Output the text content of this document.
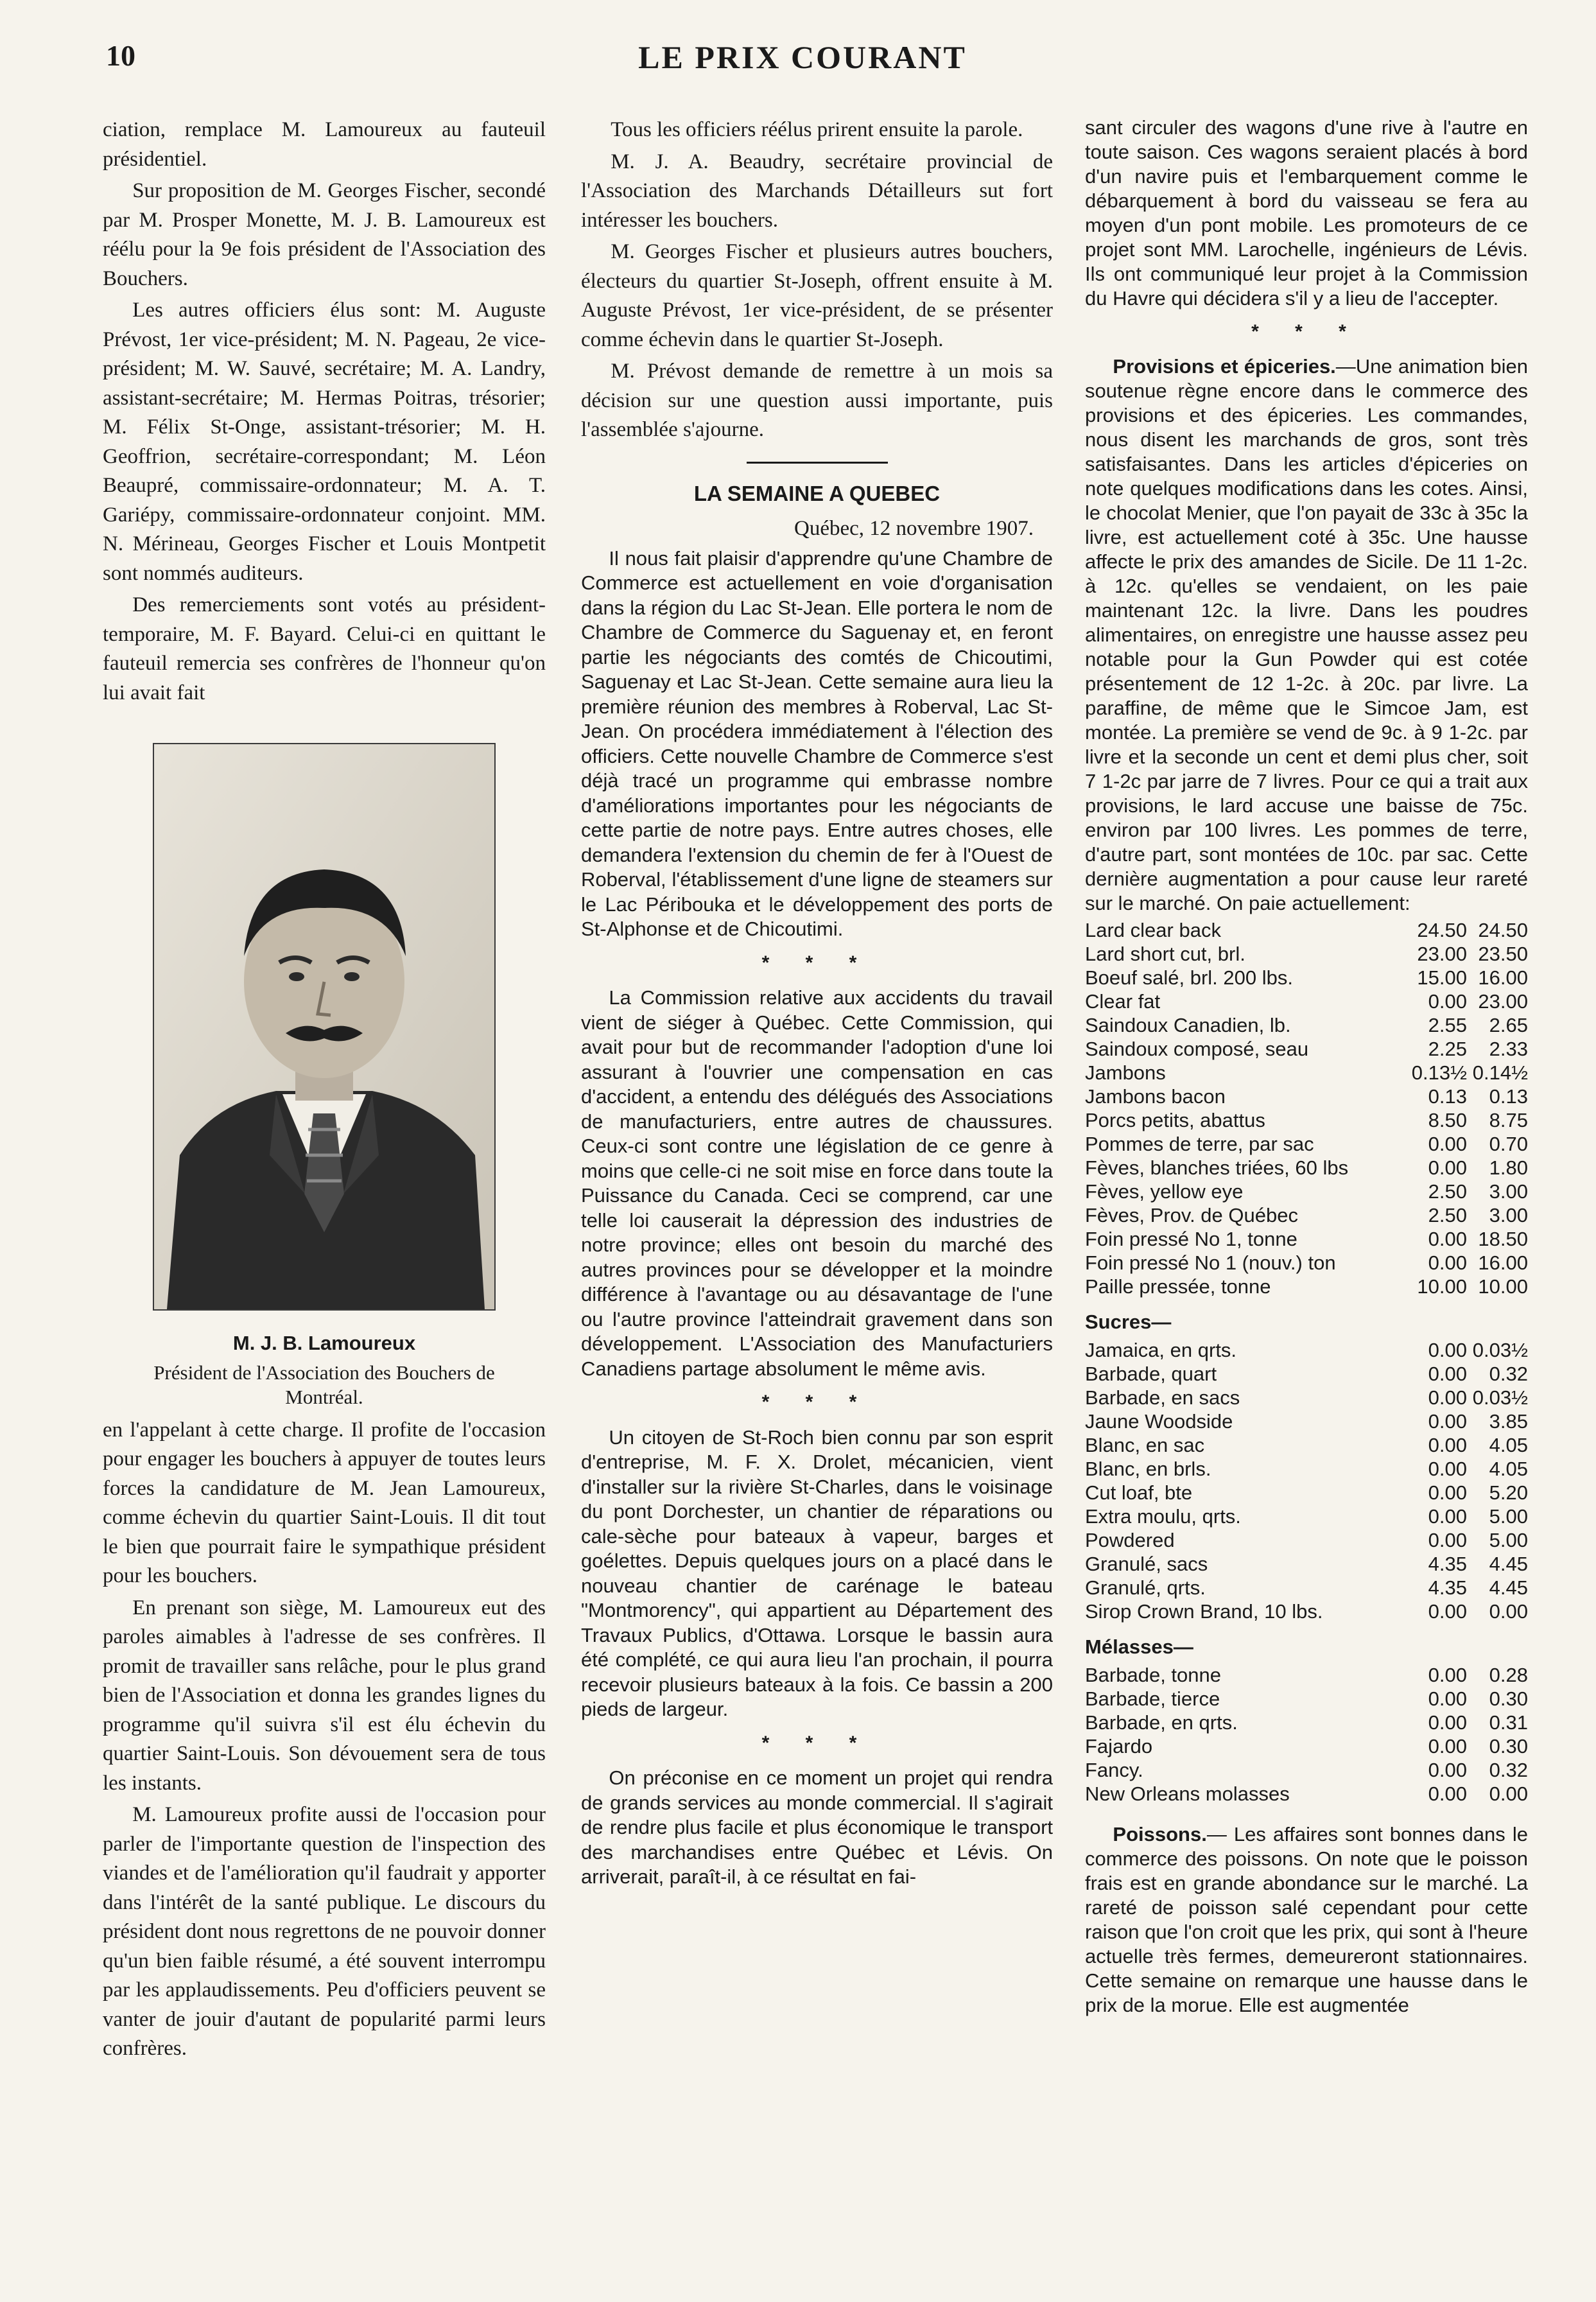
10	LE PRIX COURANT

ciation, remplace M. Lamoureux au fauteuil présidentiel.

Sur proposition de M. Georges Fischer, secondé par M. Prosper Monette, M. J. B. Lamoureux est réélu pour la 9e fois président de l'Association des Bouchers.

Les autres officiers élus sont: M. Auguste Prévost, 1er vice-président; M. N. Pageau, 2e vice-président; M. W. Sauvé, secrétaire; M. A. Landry, assistant-secrétaire; M. Hermas Poitras, trésorier; M. Félix St-Onge, assistant-trésorier; M. H. Geoffrion, secrétaire-correspondant; M. Léon Beaupré, commissaire-ordonnateur; M. A. T. Gariépy, commissaire-ordonnateur conjoint. MM. N. Mérineau, Georges Fischer et Louis Montpetit sont nommés auditeurs.

Des remerciements sont votés au président-temporaire, M. F. Bayard. Celui-ci en quittant le fauteuil remercia ses confrères de l'honneur qu'on lui avait fait

M. J. B. Lamoureux

Président de l'Association des Bouchers de Montréal.

en l'appelant à cette charge. Il profite de l'occasion pour engager les bouchers à appuyer de toutes leurs forces la candidature de M. Jean Lamoureux, comme échevin du quartier Saint-Louis. Il dit tout le bien que pourrait faire le sympathique président pour les bouchers.

En prenant son siège, M. Lamoureux eut des paroles aimables à l'adresse de ses confrères. Il promit de travailler sans relâche, pour le plus grand bien de l'Association et donna les grandes lignes du programme qu'il suivra s'il est élu échevin du quartier Saint-Louis. Son dévouement sera de tous les instants.

M. Lamoureux profite aussi de l'occasion pour parler de l'importante question de l'inspection des viandes et de l'amélioration qu'il faudrait y apporter dans l'intérêt de la santé publique. Le discours du président dont nous regrettons de ne pouvoir donner qu'un bien faible résumé, a été souvent interrompu par les applaudissements. Peu d'officiers peuvent se vanter de jouir d'autant de popularité parmi leurs confrères.

Tous les officiers réélus prirent ensuite la parole.

M. J. A. Beaudry, secrétaire provincial de l'Association des Marchands Détailleurs sut fort intéresser les bouchers.

M. Georges Fischer et plusieurs autres bouchers, électeurs du quartier St-Joseph, offrent ensuite à M. Auguste Prévost, 1er vice-président, de se présenter comme échevin dans le quartier St-Joseph.

M. Prévost demande de remettre à un mois sa décision sur une question aussi importante, puis l'assemblée s'ajourne.

LA SEMAINE A QUEBEC

Québec, 12 novembre 1907.

Il nous fait plaisir d'apprendre qu'une Chambre de Commerce est actuellement en voie d'organisation dans la région du Lac St-Jean. Elle portera le nom de Chambre de Commerce du Saguenay et, en feront partie les négociants des comtés de Chicoutimi, Saguenay et Lac St-Jean. Cette semaine aura lieu la première réunion des membres à Roberval, Lac St-Jean. On procédera immédiatement à l'élection des officiers. Cette nouvelle Chambre de Commerce s'est déjà tracé un programme qui embrasse nombre d'améliorations importantes pour les négociants de cette partie de notre pays. Entre autres choses, elle demandera l'extension du chemin de fer à l'Ouest de Roberval, l'établissement d'une ligne de steamers sur le Lac Péribouka et le développement des ports de St-Alphonse et de Chicoutimi.

* * *

La Commission relative aux accidents du travail vient de siéger à Québec. Cette Commission, qui avait pour but de recommander l'adoption d'une loi assurant à l'ouvrier une compensation en cas d'accident, a entendu des délégués des Associations de manufacturiers, entre autres de chaussures. Ceux-ci sont contre une législation de ce genre à moins que celle-ci ne soit mise en force dans toute la Puissance du Canada. Ceci se comprend, car une telle loi causerait la dépression des industries de notre province; elles ont besoin du marché des autres provinces pour se développer et la moindre différence à l'avantage ou au désavantage de l'une ou l'autre province l'atteindrait gravement dans son développement. L'Association des Manufacturiers Canadiens partage absolument le même avis.

* * *

Un citoyen de St-Roch bien connu par son esprit d'entreprise, M. F. X. Drolet, mécanicien, vient d'installer sur la rivière St-Charles, dans le voisinage du pont Dorchester, un chantier de réparations ou cale-sèche pour bateaux à vapeur, barges et goélettes. Depuis quelques jours on a placé dans le nouveau chantier de carénage le bateau "Montmorency", qui appartient au Département des Travaux Publics, d'Ottawa. Lorsque le bassin aura été complété, ce qui aura lieu l'an prochain, il pourra recevoir plusieurs bateaux à la fois. Ce bassin a 200 pieds de largeur.

* * *

On préconise en ce moment un projet qui rendra de grands services au monde commercial. Il s'agirait de rendre plus facile et plus économique le transport des marchandises entre Québec et Lévis. On arriverait, paraît-il, à ce résultat en fai-

sant circuler des wagons d'une rive à l'autre en toute saison. Ces wagons seraient placés à bord d'un navire puis et l'embarquement comme le débarquement à bord du vaisseau se fera au moyen d'un pont mobile. Les promoteurs de ce projet sont MM. Larochelle, ingénieurs de Lévis. Ils ont communiqué leur projet à la Commission du Havre qui décidera s'il y a lieu de l'accepter.

* * *

Provisions et épiceries.—Une animation bien soutenue règne encore dans le commerce des provisions et des épiceries. Les commandes, nous disent les marchands de gros, sont très satisfaisantes. Dans les articles d'épiceries on note quelques modifications dans les cotes. Ainsi, le chocolat Menier, que l'on payait de 33c à 35c la livre, est actuellement coté à 35c. Une hausse affecte le prix des amandes de Sicile. De 11 1-2c. à 12c. qu'elles se vendaient, on les paie maintenant 12c. la livre. Dans les poudres alimentaires, on enregistre une hausse assez peu notable pour la Gun Powder qui est cotée présentement de 12 1-2c. à 20c. par livre. La paraffine, de même que le Simcoe Jam, est montée. La première se vend de 9c. à 9 1-2c. par livre et la seconde un cent et demi plus cher, soit 7 1-2c par jarre de 7 livres. Pour ce qui a trait aux provisions, le lard accuse une baisse de 75c. environ par 100 livres. Les pommes de terre, d'autre part, sont montées de 10c. par sac. Cette dernière augmentation a pour cause leur rareté sur le marché. On paie actuellement:

Lard clear back	24.50	24.50
Lard short cut, brl.	23.00	23.50
Boeuf salé, brl. 200 lbs.	15.00	16.00
Clear fat	0.00	23.00
Saindoux Canadien, lb.	2.55	2.65
Saindoux composé, seau	2.25	2.33
Jambons	0.13½	0.14½
Jambons bacon	0.13	0.13
Porcs petits, abattus	8.50	8.75
Pommes de terre, par sac	0.00	0.70
Fèves, blanches triées, 60 lbs	0.00	1.80
Fèves, yellow eye	2.50	3.00
Fèves, Prov. de Québec	2.50	3.00
Foin pressé No 1, tonne	0.00	18.50
Foin pressé No 1 (nouv.) ton	0.00	16.00
Paille pressée, tonne	10.00	10.00

Sucres—

Jamaica, en qrts.	0.00	0.03½
Barbade, quart	0.00	0.32
Barbade, en sacs	0.00	0.03½
Jaune Woodside	0.00	3.85
Blanc, en sac	0.00	4.05
Blanc, en brls.	0.00	4.05
Cut loaf, bte	0.00	5.20
Extra moulu, qrts.	0.00	5.00
Powdered	0.00	5.00
Granulé, sacs	4.35	4.45
Granulé, qrts.	4.35	4.45
Sirop Crown Brand, 10 lbs.	0.00	0.00

Mélasses—

Barbade, tonne	0.00	0.28
Barbade, tierce	0.00	0.30
Barbade, en qrts.	0.00	0.31
Fajardo	0.00	0.30
Fancy.	0.00	0.32
New Orleans molasses	0.00	0.00

Poissons.— Les affaires sont bonnes dans le commerce des poissons. On note que le poisson frais est en grande abondance sur le marché. La rareté de poisson salé cependant pour cette raison que l'on croit que les prix, qui sont à l'heure actuelle très fermes, demeureront stationnaires. Cette semaine on remarque une hausse dans le prix de la morue. Elle est augmentée
